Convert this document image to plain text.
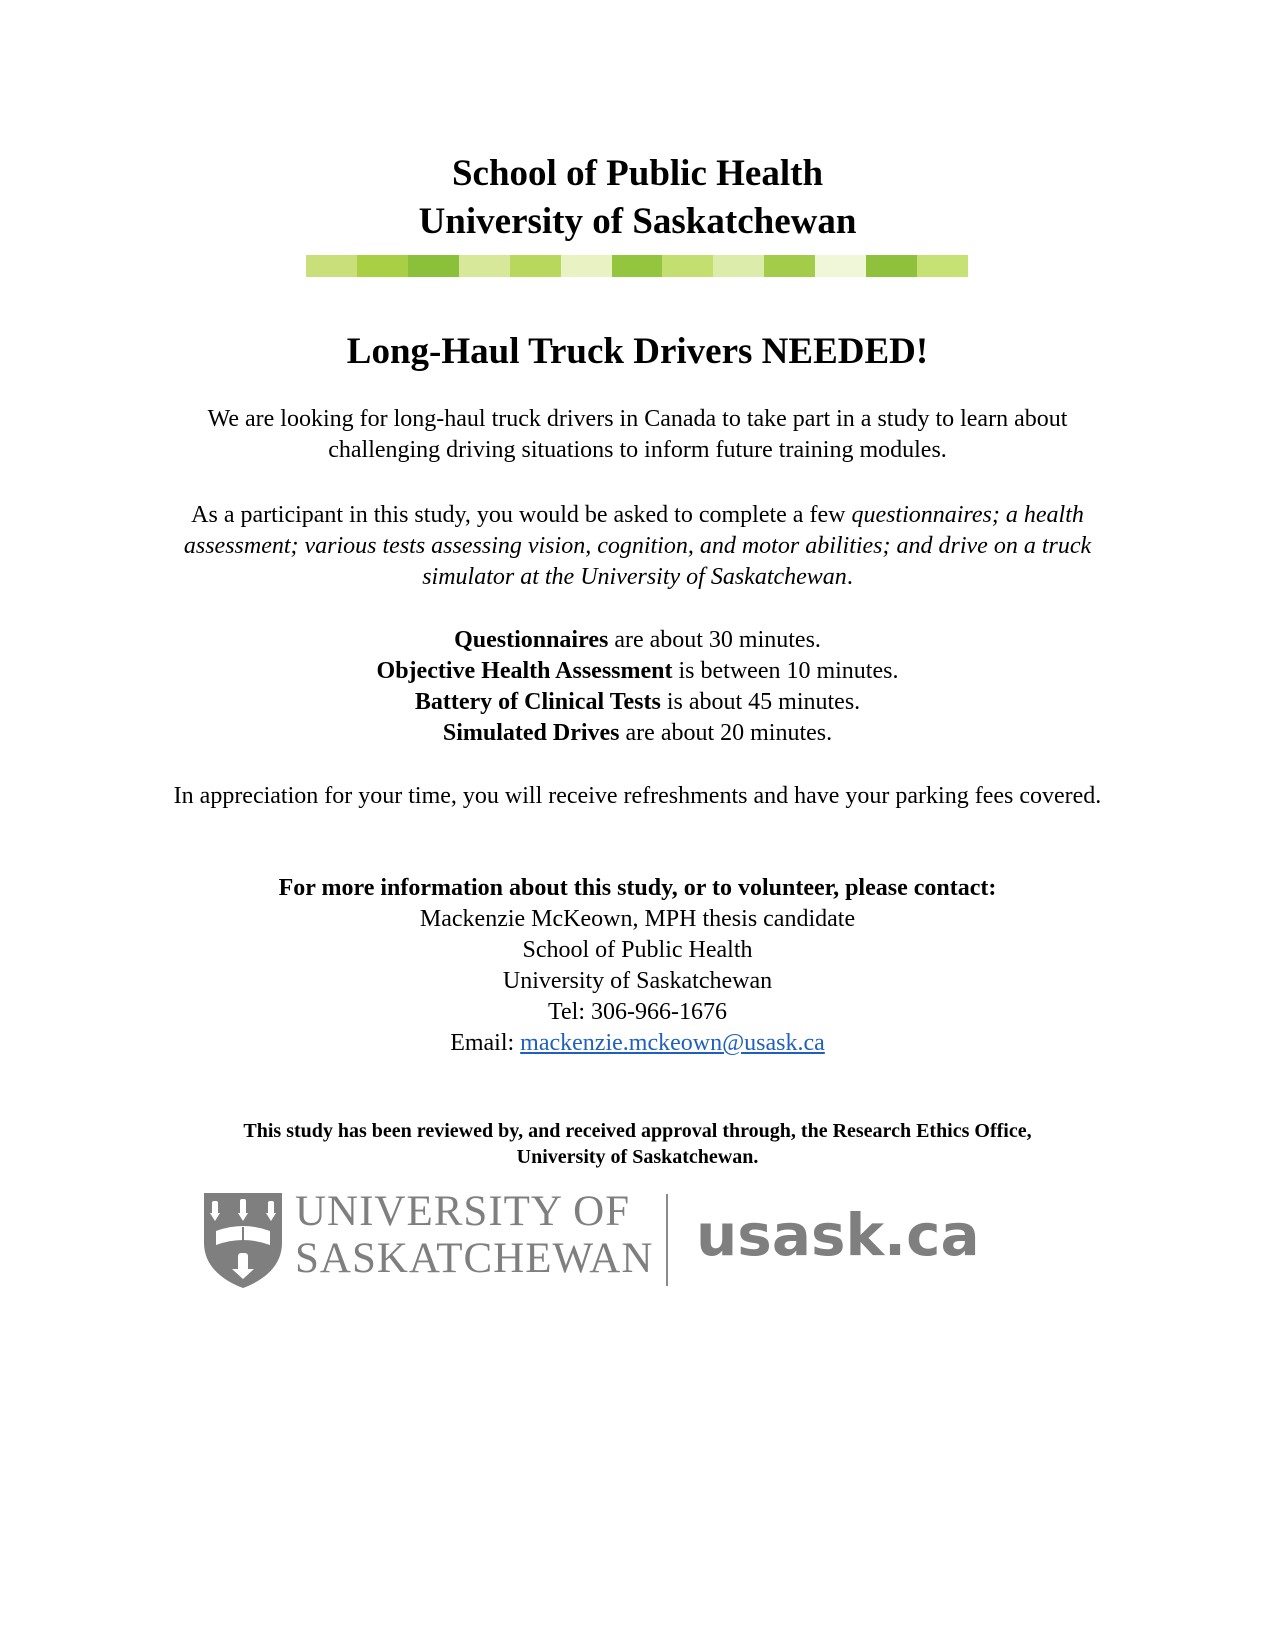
School of Public Health
University of Saskatchewan
Long-Haul Truck Drivers NEEDED!
We are looking for long-haul truck drivers in Canada to take part in a study to learn about
challenging driving situations to inform future training modules.
As a participant in this study, you would be asked to complete a few questionnaires; a health assessment; various tests assessing vision, cognition, and motor abilities; and drive on a truck simulator at the University of Saskatchewan.
Questionnaires are about 30 minutes.
Objective Health Assessment is between 10 minutes.
Battery of Clinical Tests is about 45 minutes.
Simulated Drives are about 20 minutes.
In appreciation for your time, you will receive refreshments and have your parking fees covered.
For more information about this study, or to volunteer, please contact:
Mackenzie McKeown, MPH thesis candidate
School of Public Health
University of Saskatchewan
Tel: 306-966-1676
Email: mackenzie.mckeown@usask.ca
This study has been reviewed by, and received approval through, the Research Ethics Office,
University of Saskatchewan.
UNIVERSITY OF
SASKATCHEWAN usask.ca
